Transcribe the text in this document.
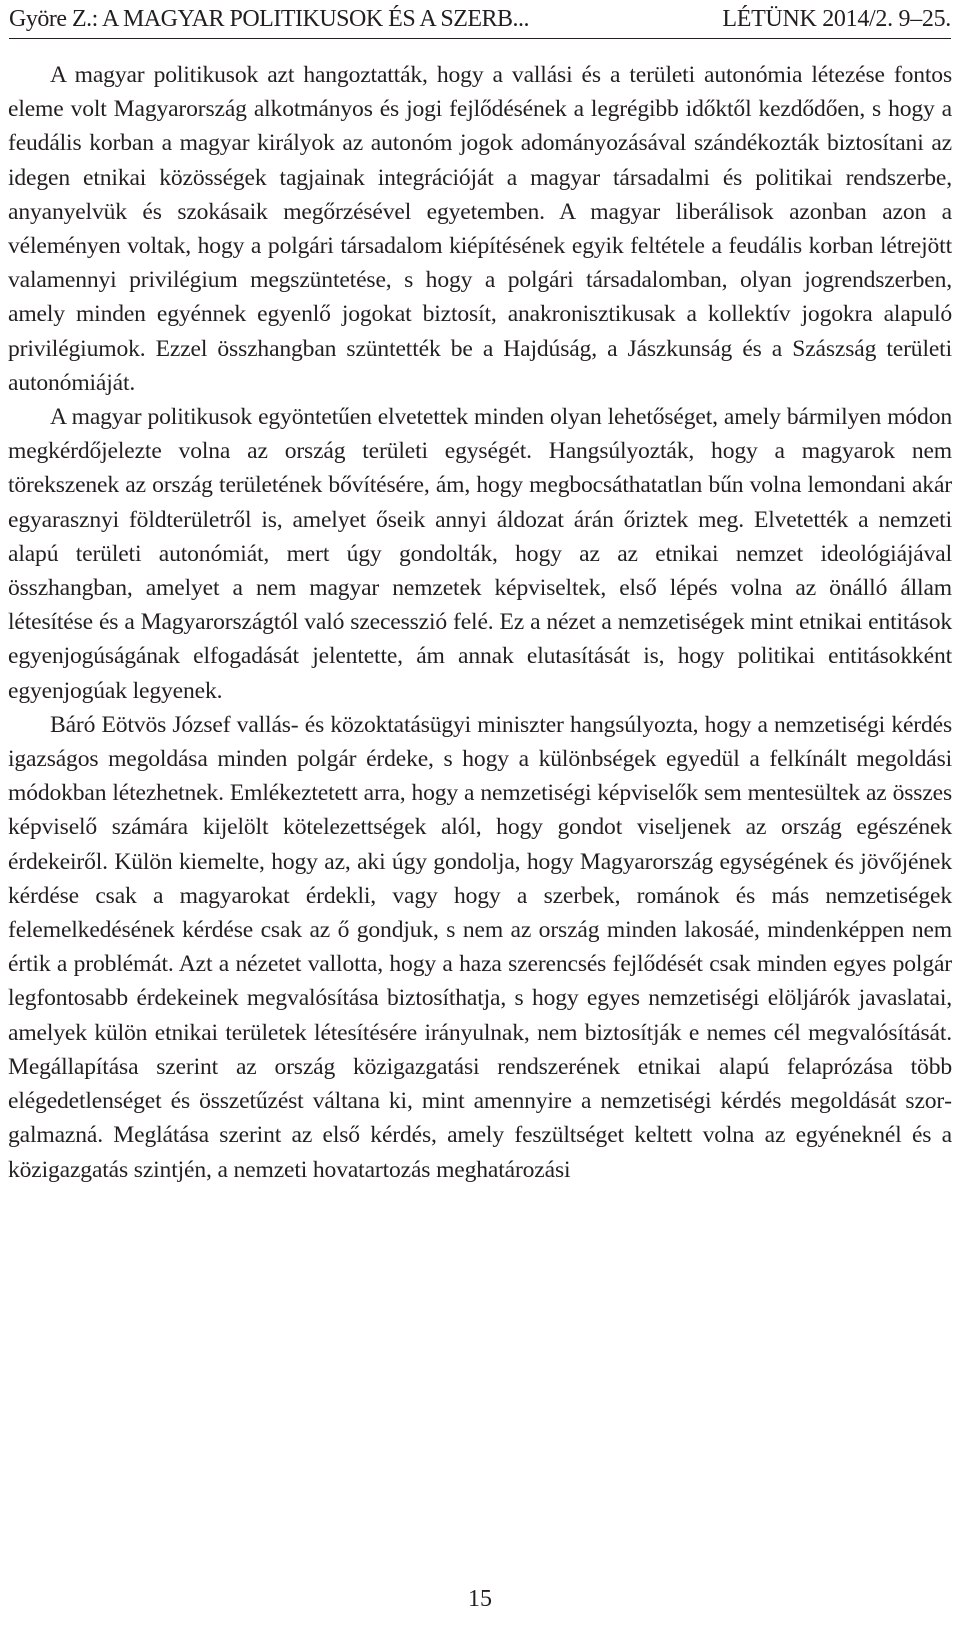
Györe Z.: A MAGYAR POLITIKUSOK ÉS A SZERB...	LÉTÜNK 2014/2. 9–25.

A magyar politikusok azt hangoztatták, hogy a vallási és a területi autonómia létezése fontos eleme volt Magyarország alkotmányos és jogi fejlődésének a legrégibb időktől kezdődően, s hogy a feudális korban a magyar királyok az autonóm jogok adományozásával szándékozták biztosítani az idegen etnikai közösségek tagjainak integrációját a magyar társadalmi és politikai rendszerbe, anyanyelvük és szokásaik megőrzésével egyetemben. A magyar liberálisok azonban azon a véleményen voltak, hogy a polgári társadalom kiépítésének egyik feltétele a feudális korban létrejött valamennyi privilégium megszüntetése, s hogy a polgári társadalomban, olyan jogrendszerben, amely minden egyénnek egyenlő jogokat biztosít, anakronisztikusak a kollektív jogokra alapuló privilégiumok. Ezzel összhangban szüntették be a Hajdúság, a Jászkunság és a Szászság területi autonómiáját.

A magyar politikusok egyöntetűen elvetettek minden olyan lehetőséget, amely bármilyen módon megkérdőjelezte volna az ország területi egységét. Hangsúlyozták, hogy a magyarok nem törekszenek az ország területének bővítésére, ám, hogy megbocsáthatatlan bűn volna lemondani akár egyarasznyi földterületről is, amelyet őseik annyi áldozat árán őriztek meg. Elvetették a nemzeti alapú területi autonómiát, mert úgy gondolták, hogy az az etnikai nemzet ideológiájával összhangban, amelyet a nem magyar nemzetek képviseltek, első lépés volna az önálló állam létesítése és a Magyarországtól való szecesszió felé. Ez a nézet a nemzetiségek mint etnikai entitások egyenjogúságának elfogadását jelentette, ám annak elutasítását is, hogy politikai entitásokként egyenjogúak legyenek.

Báró Eötvös József vallás- és közoktatásügyi miniszter hangsúlyozta, hogy a nemzetiségi kérdés igazságos megoldása minden polgár érdeke, s hogy a különbségek egyedül a felkínált megoldási módokban létezhetnek. Emlékeztetett arra, hogy a nemzetiségi képviselők sem mentesültek az összes képviselő számára kijelölt kötelezettségek alól, hogy gondot viseljenek az ország egészének érdekeiről. Külön kiemelte, hogy az, aki úgy gondolja, hogy Magyarország egységének és jövőjének kérdése csak a magyarokat érdekli, vagy hogy a szerbek, románok és más nemzetiségek felemelkedésének kérdése csak az ő gondjuk, s nem az ország minden lakosáé, mindenképpen nem értik a problémát. Azt a nézetet vallotta, hogy a haza szerencsés fejlődését csak minden egyes polgár legfontosabb érdekeinek megvalósítása biztosíthatja, s hogy egyes nemzetiségi elöljárók javaslatai, amelyek külön etnikai területek létesítésére irányulnak, nem biztosítják e nemes cél megvalósítását. Megállapítása szerint az ország közigazgatási rendszerének etnikai alapú felaprózása több elégedetlenséget és összetűzést váltana ki, mint amennyire a nemzetiségi kérdés megoldását szorgalmazná. Meglátása szerint az első kérdés, amely feszültséget keltett volna az egyéneknél és a közigazgatás szintjén, a nemzeti hovatartozás meghatározási

15
